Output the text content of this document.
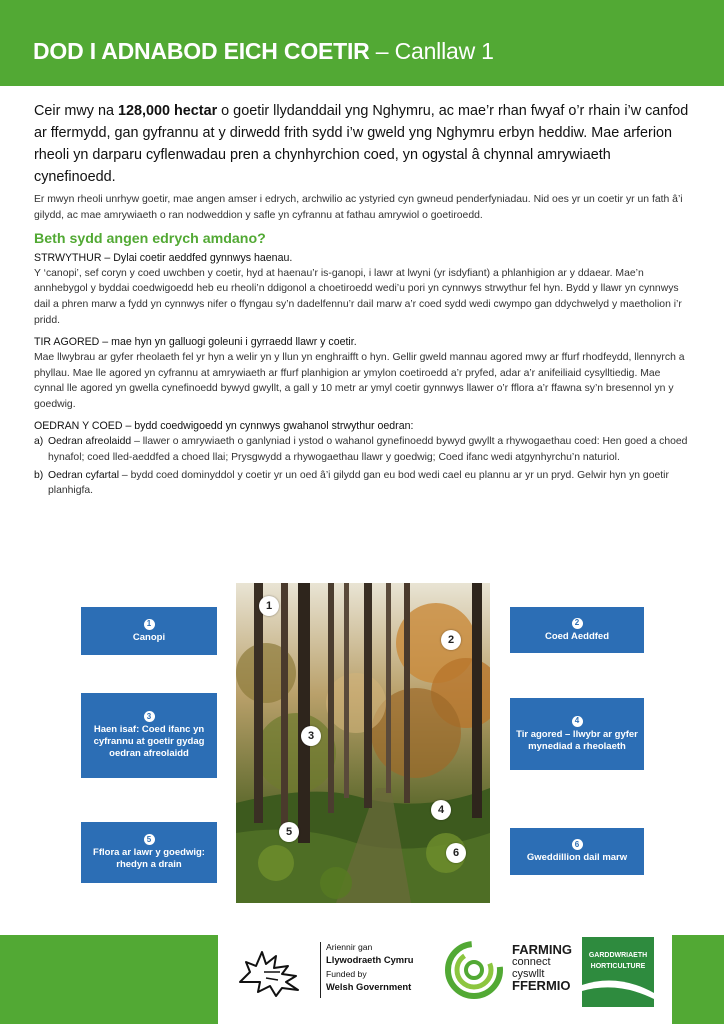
DOD I ADNABOD EICH COETIR – Canllaw 1

Ceir mwy na 128,000 hectar o goetir llydanddail yng Nghymru, ac mae’r rhan fwyaf o’r rhain i’w canfod ar ffermydd, gan gyfrannu at y dirwedd frith sydd i’w gweld yng Nghymru erbyn heddiw. Mae arferion rheoli yn darparu cyflenwadau pren a chynhyrchion coed, yn ogystal â chynnal amrywiaeth cynefinoedd.

Er mwyn rheoli unrhyw goetir, mae angen amser i edrych, archwilio ac ystyried cyn gwneud penderfyniadau. Nid oes yr un coetir yr un fath â’i gilydd, ac mae amrywiaeth o ran nodweddion y safle yn cyfrannu at fathau amrywiol o goetiroedd.

Beth sydd angen edrych amdano?

STRWYTHUR – Dylai coetir aeddfed gynnwys haenau.

Y ‘canopi’, sef coryn y coed uwchben y coetir, hyd at haenau’r is-ganopi, i lawr at lwyni (yr isdyfiant) a phlanhigion ar y ddaear. Mae’n annhebygol y byddai coedwigoedd heb eu rheoli’n ddigonol a choetiroedd wedi’u pori yn cynnwys strwythur fel hyn. Bydd y llawr yn cynnwys dail a phren marw a fydd yn cynnwys nifer o ffyngau sy’n dadelfennu’r dail marw a’r coed sydd wedi cwympo gan ddychwelyd y maetholion i’r pridd.

TIR AGORED – mae hyn yn galluogi goleuni i gyrraedd llawr y coetir.

Mae llwybrau ar gyfer rheolaeth fel yr hyn a welir yn y llun yn enghraifft o hyn. Gellir gweld mannau agored mwy ar ffurf rhodfeydd, llennyrch a phyllau. Mae lle agored yn cyfrannu at amrywiaeth ar ffurf planhigion ar ymylon coetiroedd a’r pryfed, adar a’r anifeiliaid cysylltiedig. Mae cynnal lle agored yn gwella cynefinoedd bywyd gwyllt, a gall y 10 metr ar ymyl coetir gynnwys llawer o’r fflora a’r ffawna sy’n bresennol yn y goedwig.

OEDRAN Y COED – bydd coedwigoedd yn cynnwys gwahanol strwythur oedran:

a) Oedran afreolaidd – llawer o amrywiaeth o ganlyniad i ystod o wahanol gynefinoedd bywyd gwyllt a rhywogaethau coed: Hen goed a choed hynafol; coed lled-aeddfed a choed llai; Prysgwydd a rhywogaethau llawr y goedwig; Coed ifanc wedi atgynhyrchu’n naturiol.
b) Oedran cyfartal – bydd coed dominyddol y coetir yr un oed â’i gilydd gan eu bod wedi cael eu plannu ar yr un pryd. Gelwir hyn yn goetir planhigfa.
1
2
3
4
5
6
1
Canopi
2
Coed Aeddfed
3
Haen isaf: Coed ifanc yn cyfrannu at goetir gydag oedran afreolaidd
4
Tir agored – llwybr ar gyfer mynediad a rheolaeth
5
Fflora ar lawr y goedwig: rhedyn a drain
6
Gweddillion dail marw
Ariennir gan
Llywodraeth Cymru
Funded by
Welsh Government
FARMING
connect
cyswllt
FFERMIO
GARDDWRIAETH
HORTICULTURE
